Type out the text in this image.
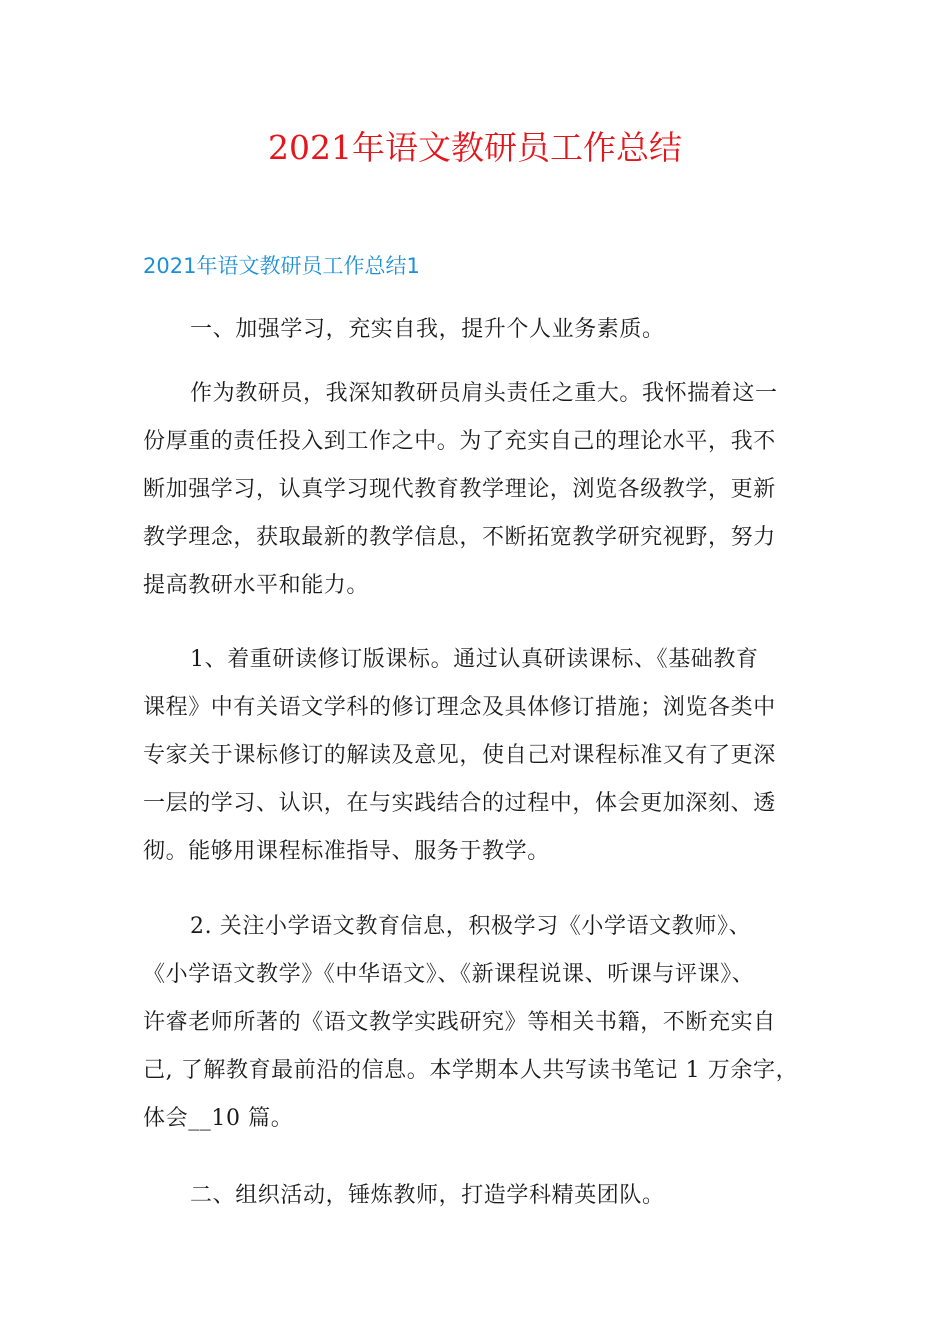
2021年语文教研员工作总结
2021年语文教研员工作总结1

一、加强学习，充实自我，提升个人业务素质。

作为教研员，我深知教研员肩头责任之重大。我怀揣着这一
份厚重的责任投入到工作之中。为了充实自己的理论水平，我不
断加强学习，认真学习现代教育教学理论，浏览各级教学，更新
教学理念，获取最新的教学信息，不断拓宽教学研究视野，努力
提高教研水平和能力。

1、着重研读修订版课标。通过认真研读课标、《基础教育
课程》中有关语文学科的修订理念及具体修订措施；浏览各类中
专家关于课标修订的解读及意见，使自己对课程标准又有了更深
一层的学习、认识，在与实践结合的过程中，体会更加深刻、透
彻。能够用课程标准指导、服务于教学。

2. 关注小学语文教育信息，积极学习《小学语文教师》、
《小学语文教学》《中华语文》、《新课程说课、听课与评课》、
许睿老师所著的《语文教学实践研究》等相关书籍，不断充实自
己, 了解教育最前沿的信息。本学期本人共写读书笔记 1 万余字，
体会__10 篇。

二、组织活动，锤炼教师，打造学科精英团队。
